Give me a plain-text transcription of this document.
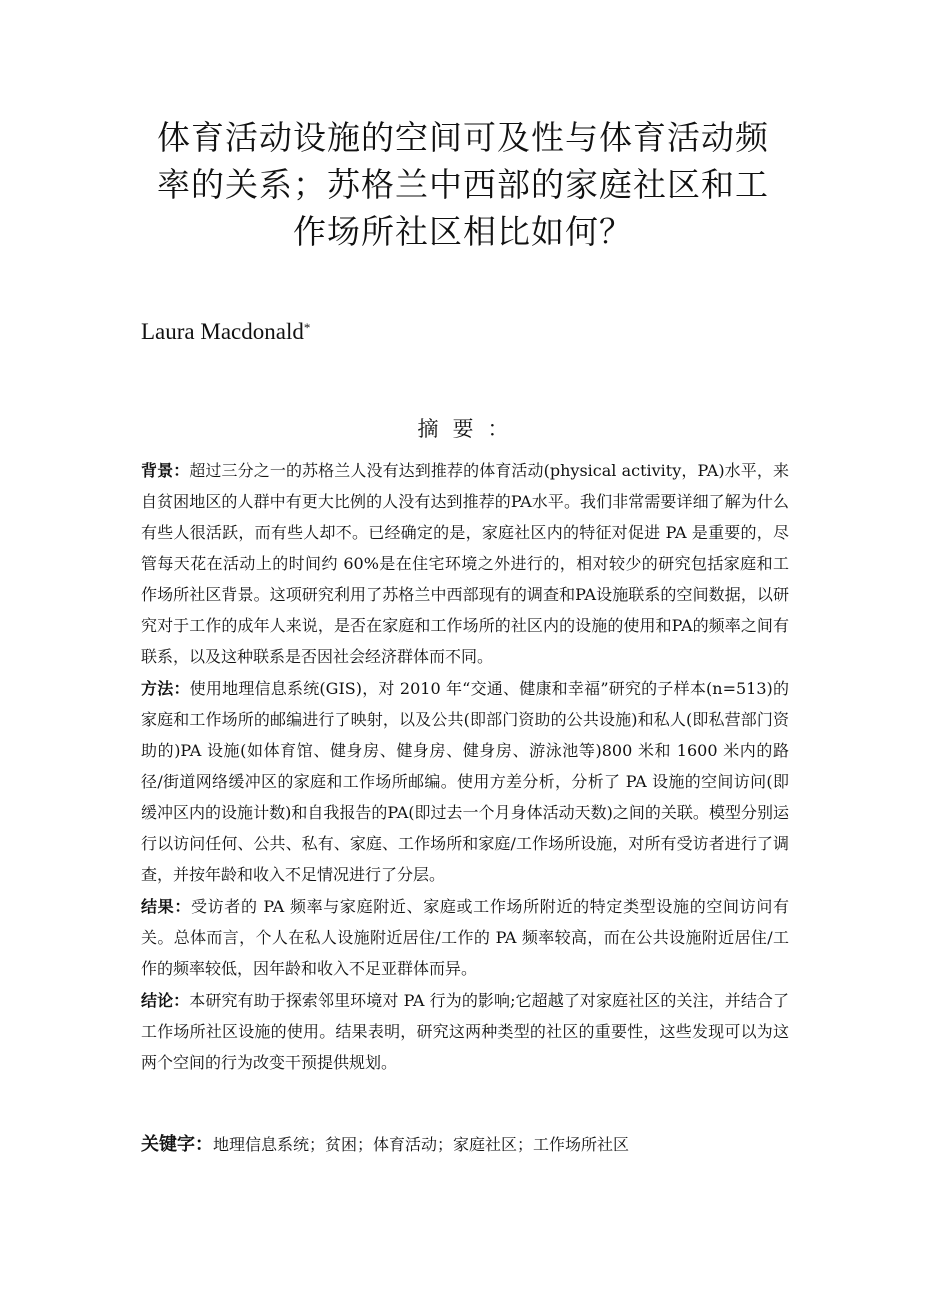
体育活动设施的空间可及性与体育活动频
率的关系；苏格兰中西部的家庭社区和工
作场所社区相比如何？
Laura Macdonald*
摘要：

背景：超过三分之一的苏格兰人没有达到推荐的体育活动(physical activity，PA)水平，来自贫困地区的人群中有更大比例的人没有达到推荐的PA水平。我们非常需要详细了解为什么有些人很活跃，而有些人却不。已经确定的是，家庭社区内的特征对促进 PA 是重要的，尽管每天花在活动上的时间约 60%是在住宅环境之外进行的，相对较少的研究包括家庭和工作场所社区背景。这项研究利用了苏格兰中西部现有的调查和PA设施联系的空间数据，以研究对于工作的成年人来说，是否在家庭和工作场所的社区内的设施的使用和PA的频率之间有联系，以及这种联系是否因社会经济群体而不同。

方法：使用地理信息系统(GIS)，对 2010 年“交通、健康和幸福”研究的子样本(n=513)的家庭和工作场所的邮编进行了映射，以及公共(即部门资助的公共设施)和私人(即私营部门资助的)PA 设施(如体育馆、健身房、健身房、健身房、游泳池等)800 米和 1600 米内的路径/街道网络缓冲区的家庭和工作场所邮编。使用方差分析，分析了 PA 设施的空间访问(即缓冲区内的设施计数)和自我报告的PA(即过去一个月身体活动天数)之间的关联。模型分别运行以访问任何、公共、私有、家庭、工作场所和家庭/工作场所设施，对所有受访者进行了调查，并按年龄和收入不足情况进行了分层。

结果：受访者的 PA 频率与家庭附近、家庭或工作场所附近的特定类型设施的空间访问有关。总体而言，个人在私人设施附近居住/工作的 PA 频率较高，而在公共设施附近居住/工作的频率较低，因年龄和收入不足亚群体而异。

结论：本研究有助于探索邻里环境对 PA 行为的影响;它超越了对家庭社区的关注，并结合了工作场所社区设施的使用。结果表明，研究这两种类型的社区的重要性，这些发现可以为这两个空间的行为改变干预提供规划。

关键字：地理信息系统；贫困；体育活动；家庭社区；工作场所社区
